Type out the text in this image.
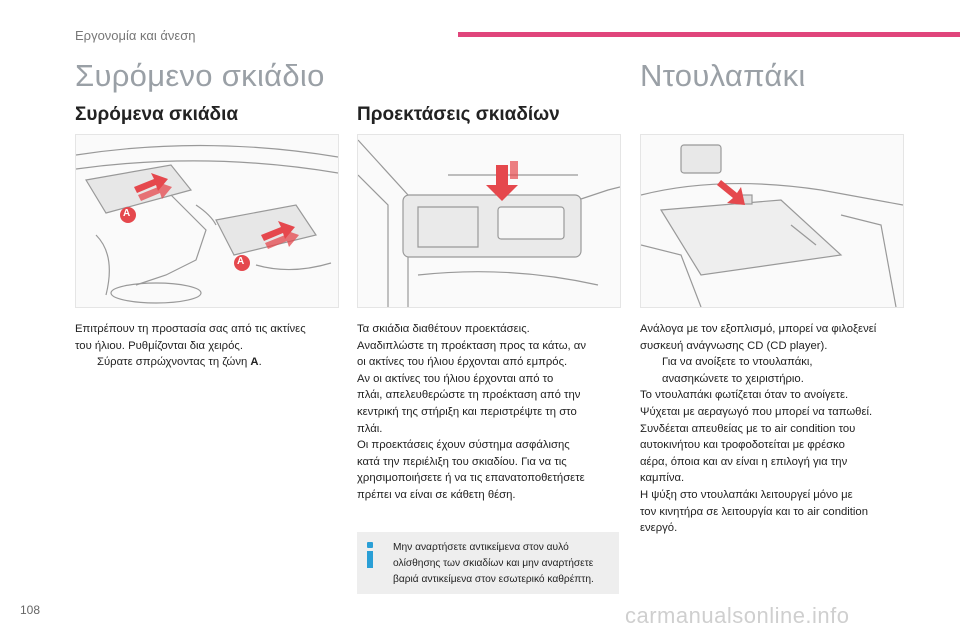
Εργονομία και άνεση
Συρόμενο σκιάδιο	Ντουλαπάκι
Συρόμενα σκιάδια	Προεκτάσεις σκιαδίων
A
A

Επιτρέπουν τη προστασία σας από τις ακτίνες

του ήλιου. Ρυθμίζονται δια χειρός.

Σύρατε σπρώχνοντας τη ζώνη A.

Τα σκιάδια διαθέτουν προεκτάσεις.

Αναδιπλώστε τη προέκταση προς τα κάτω, αν

οι ακτίνες του ήλιου έρχονται από εμπρός.

Αν οι ακτίνες του ήλιου έρχονται από το

πλάι, απελευθερώστε τη προέκταση από την

κεντρική της στήριξη και περιστρέψτε τη στο

πλάι.

Οι προεκτάσεις έχουν σύστημα ασφάλισης

κατά την περιέλιξη του σκιαδίου. Για να τις

χρησιμοποιήσετε ή να τις επανατοποθετήσετε

πρέπει να είναι σε κάθετη θέση.

Μην αναρτήσετε αντικείμενα στον αυλό
ολίσθησης των σκιαδίων και μην αναρτήσετε
βαριά αντικείμενα στον εσωτερικό καθρέπτη.

Ανάλογα με τον εξοπλισμό, μπορεί να φιλοξενεί

συσκευή ανάγνωσης CD (CD player).

Για να ανοίξετε το ντουλαπάκι,
ανασηκώνετε το χειριστήριο.

Το ντουλαπάκι φωτίζεται όταν το ανοίγετε.

Ψύχεται με αεραγωγό που μπορεί να ταπωθεί.

Συνδέεται απευθείας με το air condition του

αυτοκινήτου και τροφοδοτείται με φρέσκο

αέρα, όποια και αν είναι η επιλογή για την

καμπίνα.

Η ψύξη στο ντουλαπάκι λειτουργεί μόνο με

τον κινητήρα σε λειτουργία και το air condition

ενεργό.

108	carmanualsonline.info
